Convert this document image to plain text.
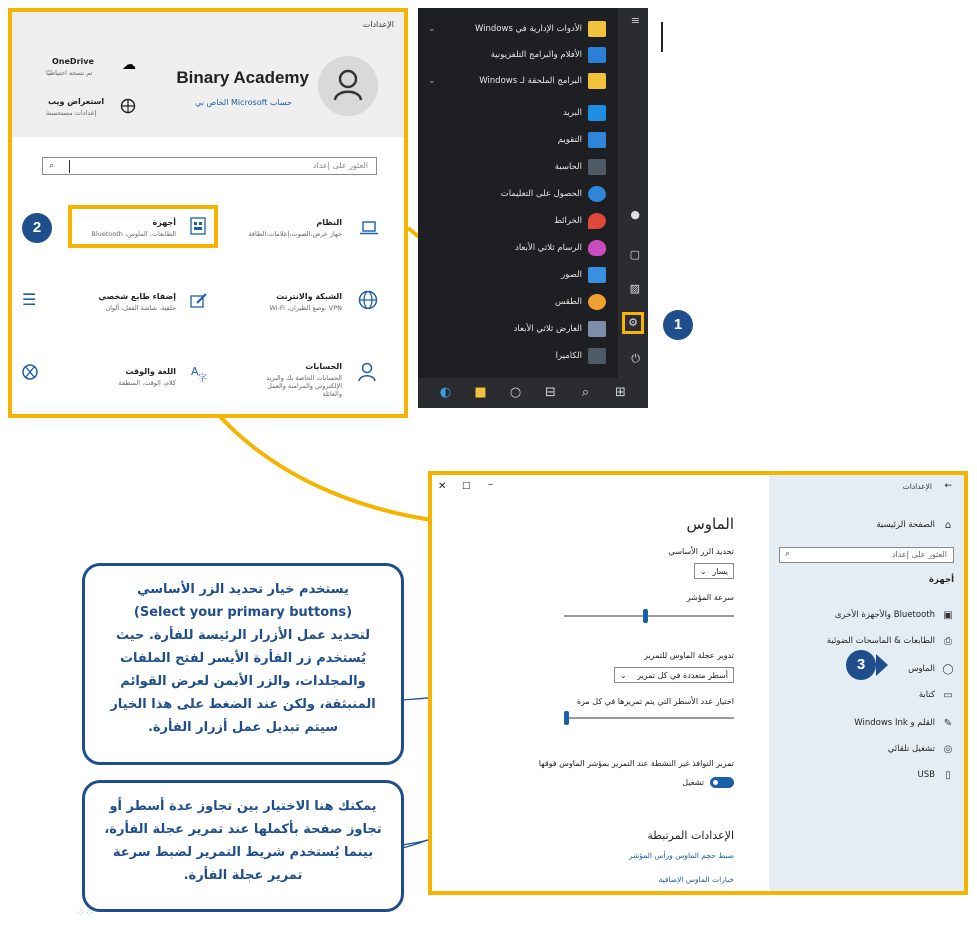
الإعدادات
Binary Academy
حساب Microsoft الخاص بي
☁
OneDrive
تم نسخه احتياطيًا
استعراض ويب
إعدادات مستحسنة
⌕	العثور على إعداد
النظام
جهاز عرض،الصوت،إعلامات،الطاقة
أجهزة
الطابعات، الماوس، Bluetooth
الشبكة والانترنت
VPN ،وضع الطيران، Wi-Fi
إضفاء طابع شخصي
خلفية، شاشة القفل، ألوان
الحسابات
الحسابات الخاصة بك والبريد الإلكتروني والمزامنة والعمل والعائلة
A
字
اللغة والوقت
كلام، الوقت، المنطقة
☰
2
≡
⌄
⌄
الأدوات الإدارية في Windows
الأفلام والبرامج التلفزيونية
البرامج الملحقة لـ Windows
البريد
التقويم
الحاسبة
الحصول على التعليمات
الخرائط
الرسام ثلاثي الأبعاد
الصور
الطقس
العارض ثلاثي الأبعاد
الكاميرا
●
▢
▨
⚙
⏻
◐ ■ ○ ⊟	⌕	⊞
1
✕ □ –	←
الإعدادات
⌂
الصفحة الرئيسية
⌕	العثور على إعداد
أجهزة
▣
Bluetooth والأجهزة الأخرى
⎙
الطابعات & الماسحات الضوئية
◯
الماوس
▭
كتابة
✎
القلم و Windows Ink
◎
تشغيل تلقائي
▯
USB
الماوس
تحديد الزر الأساسي
يسار
⌄
سرعة المؤشر
تدوير عجلة الماوس للتمرير
أسطر متعددة في كل تمرير
⌄
اختيار عدد الأسطر التي يتم تمريرها في كل مرة
تمرير النوافذ غير النشطة عند التمرير بمؤشر الماوس فوقها
تشغيل
الإعدادات المرتبطة
ضبط حجم الماوس ورأس المؤشر
خيارات الماوس الإضافية
3
يستخدم خيار تحديد الزر الأساسي
(Select your primary buttons)
لتحديد عمل الأزرار الرئيسة للفأرة. حيث يُستخدم زر الفأرة الأيسر لفتح الملفات والمجلدات، والزر الأيمن لعرض القوائم المنبثقة، ولكن عند الضغط على هذا الخيار سيتم تبديل عمل أزرار الفأرة.
يمكنك هنا الاختيار بين تجاوز عدة أسطر أو تجاوز صفحة بأكملها عند تمرير عجلة الفأرة، بينما يُستخدم شريط التمرير لضبط سرعة تمرير عجلة الفأرة.
⁘⁘
